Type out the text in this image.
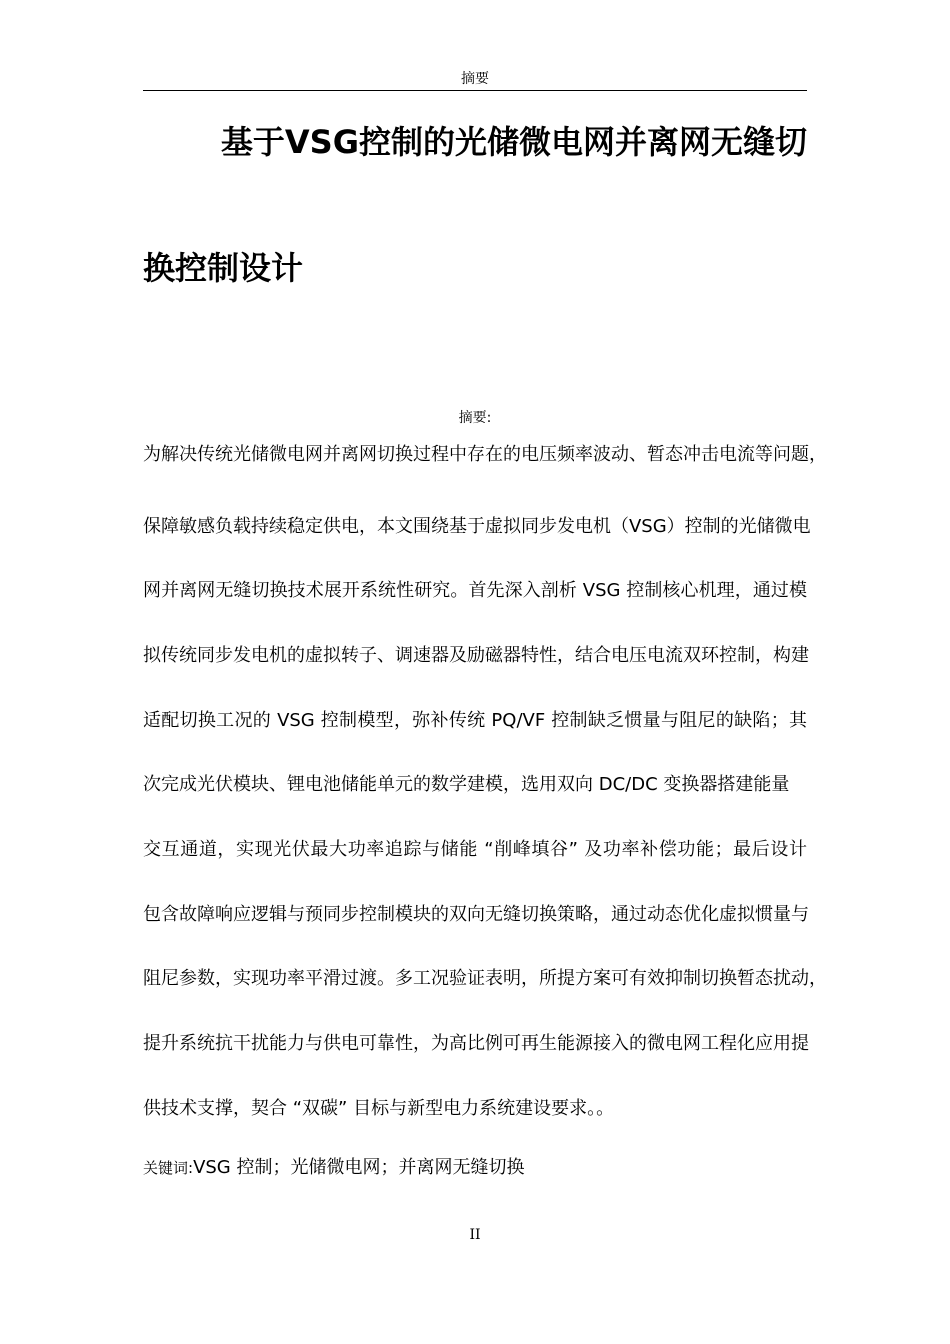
摘要
基于VSG控制的光储微电网并离网无缝切
换控制设计
摘要:
为解决传统光储微电网并离网切换过程中存在的电压频率波动、暂态冲击电流等问题，
保障敏感负载持续稳定供电，本文围绕基于虚拟同步发电机（VSG）控制的光储微电
网并离网无缝切换技术展开系统性研究。首先深入剖析 VSG 控制核心机理，通过模
拟传统同步发电机的虚拟转子、调速器及励磁器特性，结合电压电流双环控制，构建
适配切换工况的 VSG 控制模型，弥补传统 PQ/VF 控制缺乏惯量与阻尼的缺陷；其
次完成光伏模块、锂电池储能单元的数学建模，选用双向 DC/DC 变换器搭建能量
交互通道，实现光伏最大功率追踪与储能 “削峰填谷” 及功率补偿功能；最后设计
包含故障响应逻辑与预同步控制模块的双向无缝切换策略，通过动态优化虚拟惯量与
阻尼参数，实现功率平滑过渡。多工况验证表明，所提方案可有效抑制切换暂态扰动，
提升系统抗干扰能力与供电可靠性，为高比例可再生能源接入的微电网工程化应用提
供技术支撑，契合 “双碳” 目标与新型电力系统建设要求。。
关键词:VSG 控制；光储微电网；并离网无缝切换
II
